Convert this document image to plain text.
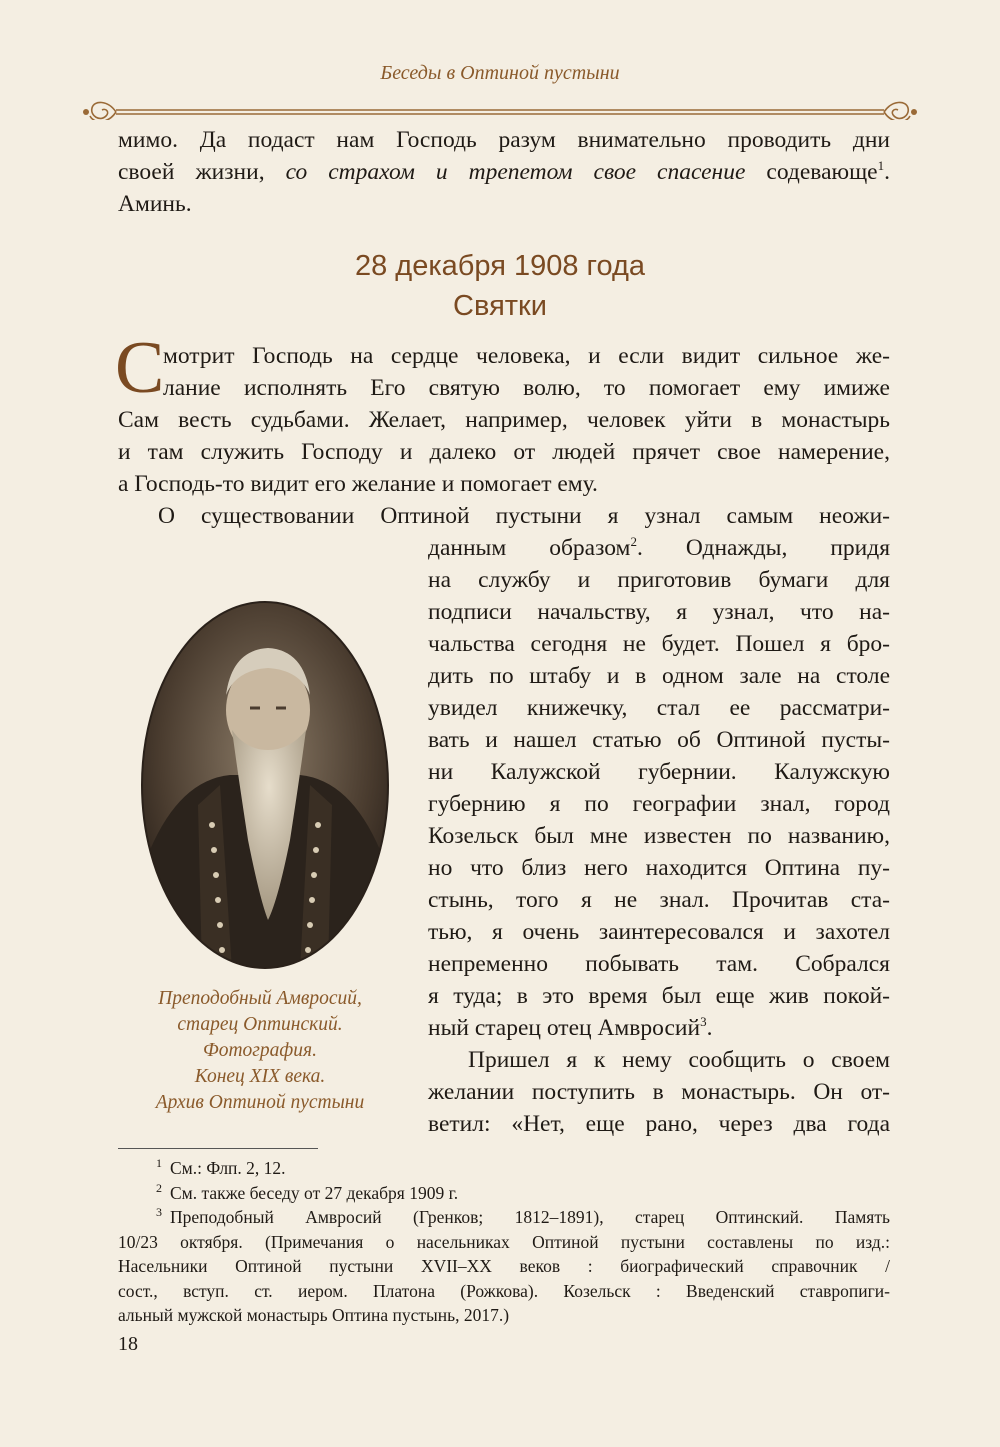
Беседы в Оптиной пустыни
мимо. Да подаст нам Господь разум внимательно проводить дни
своей жизни, со страхом и трепетом свое спасение содевающе$^1$.
Аминь.
28 декабря 1908 года
Святки
С
мотрит Господь на сердце человека, и если видит сильное же-
лание исполнять Его святую волю, то помогает ему имиже
Сам весть судьбами. Желает, например, человек уйти в монастырь
и там служить Господу и далеко от людей прячет свое намерение,
а Господь-то видит его желание и помогает ему.
О существовании Оптиной пустыни я узнал самым неожи-
данным образом$^2$. Однажды, придя
на службу и приготовив бумаги для
подписи начальству, я узнал, что на-
чальства сегодня не будет. Пошел я бро-
дить по штабу и в одном зале на столе
увидел книжечку, стал ее рассматри-
вать и нашел статью об Оптиной пусты-
ни Калужской губернии. Калужскую
губернию я по географии знал, город
Козельск был мне известен по названию,
но что близ него находится Оптина пу-
стынь, того я не знал. Прочитав ста-
тью, я очень заинтересовался и захотел
непременно побывать там. Собрался
я туда; в это время был еще жив покой-
ный старец отец Амвросий$^3$.
Пришел я к нему сообщить о своем
желании поступить в монастырь. Он от-
ветил: «Нет, еще рано, через два года
Преподобный Амвросий,
старец Оптинский.
Фотография.
Конец XIX века.
Архив Оптиной пустыни
$^1$ См.: Флп. 2, 12.
$^2$ См. также беседу от 27 декабря 1909 г.
$^3$ Преподобный Амвросий (Гренков; 1812–1891), старец Оптинский. Память
10/23 октября. (Примечания о насельниках Оптиной пустыни составлены по изд.:
Насельники Оптиной пустыни XVII–XX веков : биографический справочник /
сост., вступ. ст. иером. Платона (Рожкова). Козельск : Введенский ставропиги-
альный мужской монастырь Оптина пустынь, 2017.)
18
